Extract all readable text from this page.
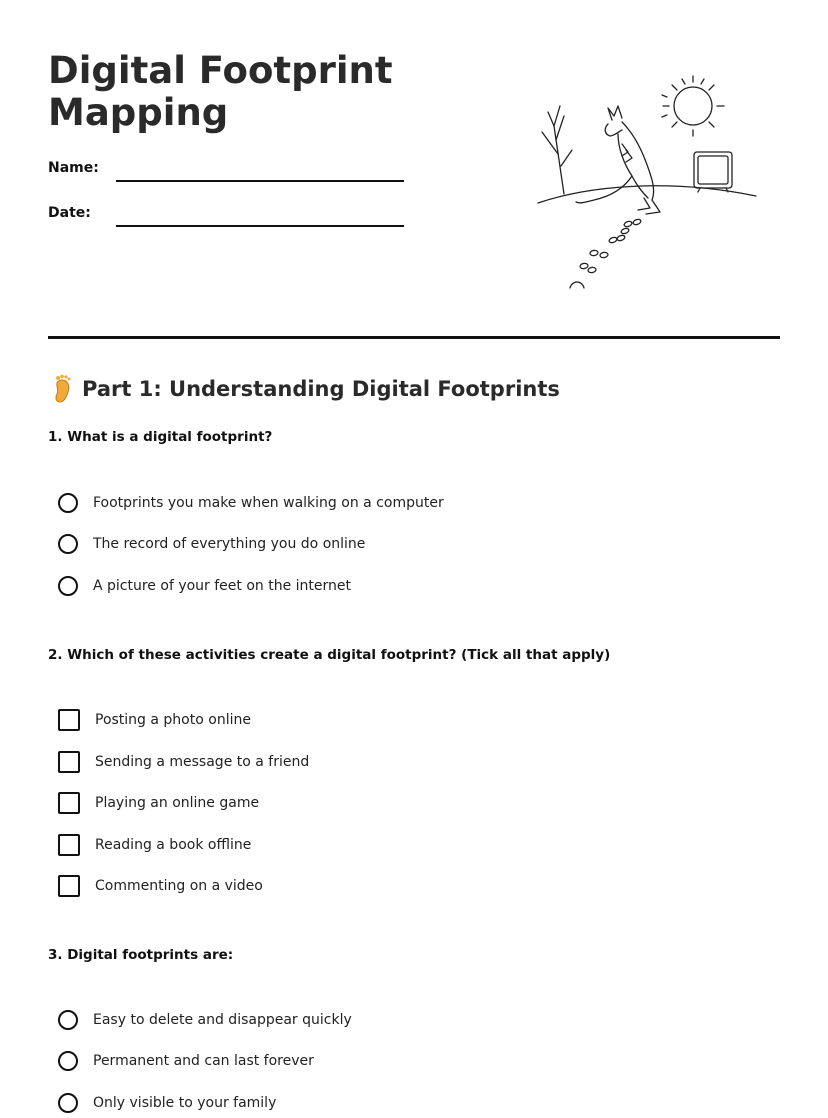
Digital Footprint
Mapping
Name:
Date:
Part 1: Understanding Digital Footprints
1. What is a digital footprint?
Footprints you make when walking on a computer
The record of everything you do online
A picture of your feet on the internet
2. Which of these activities create a digital footprint? (Tick all that apply)
Posting a photo online
Sending a message to a friend
Playing an online game
Reading a book offline
Commenting on a video
3. Digital footprints are:
Easy to delete and disappear quickly
Permanent and can last forever
Only visible to your family
